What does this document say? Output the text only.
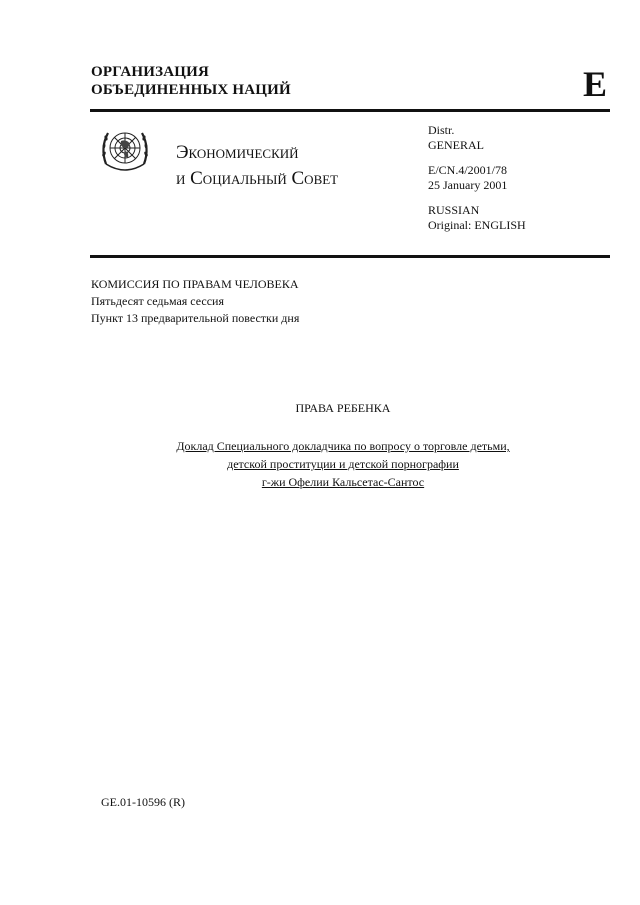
ОРГАНИЗАЦИЯ
ОБЪЕДИНЕННЫХ НАЦИЙ	E
Экономический
и Социальный Совет
Distr.
GENERAL
E/CN.4/2001/78
25 January 2001
RUSSIAN
Original: ENGLISH
КОМИССИЯ ПО ПРАВАМ ЧЕЛОВЕКА
Пятьдесят седьмая сессия
Пункт 13 предварительной повестки дня
ПРАВА РЕБЕНКА
Доклад Специального докладчика по вопросу о торговле детьми,
детской проституции и детской порнографии
г-жи Офелии Кальсетас-Сантос
GE.01-10596 (R)
